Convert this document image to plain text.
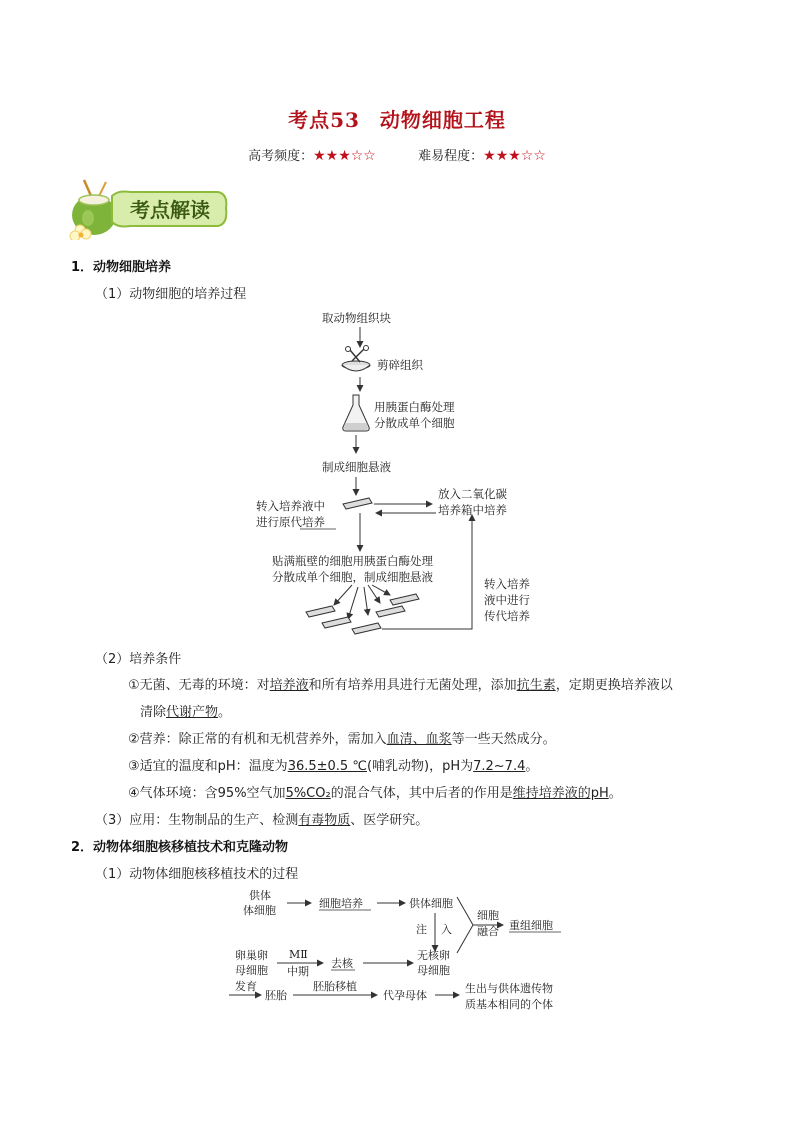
考点53 动物细胞工程
高考频度：★★★☆☆	难易程度：★★★☆☆
考点解读
1．动物细胞培养
（1）动物细胞的培养过程
取动物组织块
剪碎组织
用胰蛋白酶处理
分散成单个细胞
制成细胞悬液
转入培养液中
进行原代培养
放入二氧化碳
培养箱中培养
贴满瓶壁的细胞用胰蛋白酶处理
分散成单个细胞，制成细胞悬液	转入培养
液中进行
传代培养
（2）培养条件
①无菌、无毒的环境：对培养液和所有培养用具进行无菌处理，添加抗生素，定期更换培养液以
清除代谢产物。
②营养：除正常的有机和无机营养外，需加入血清、血浆等一些天然成分。
③适宜的温度和pH：温度为36.5±0.5 ℃(哺乳动物)，pH为7.2~7.4。
④气体环境：含95%空气加5%CO₂的混合气体，其中后者的作用是维持培养液的pH。
（3）应用：生物制品的生产、检测有毒物质、医学研究。
2．动物体细胞核移植技术和克隆动物
（1）动物体细胞核移植技术的过程
供体
体细胞
细胞培养	供体细胞
注 入
细胞
融合 重组细胞
卵巢卵
母细胞
MⅡ
中期
去核
无核卵
母细胞
发育
胚胎
胚胎移植
代孕母体
生出与供体遗传物
质基本相同的个体
